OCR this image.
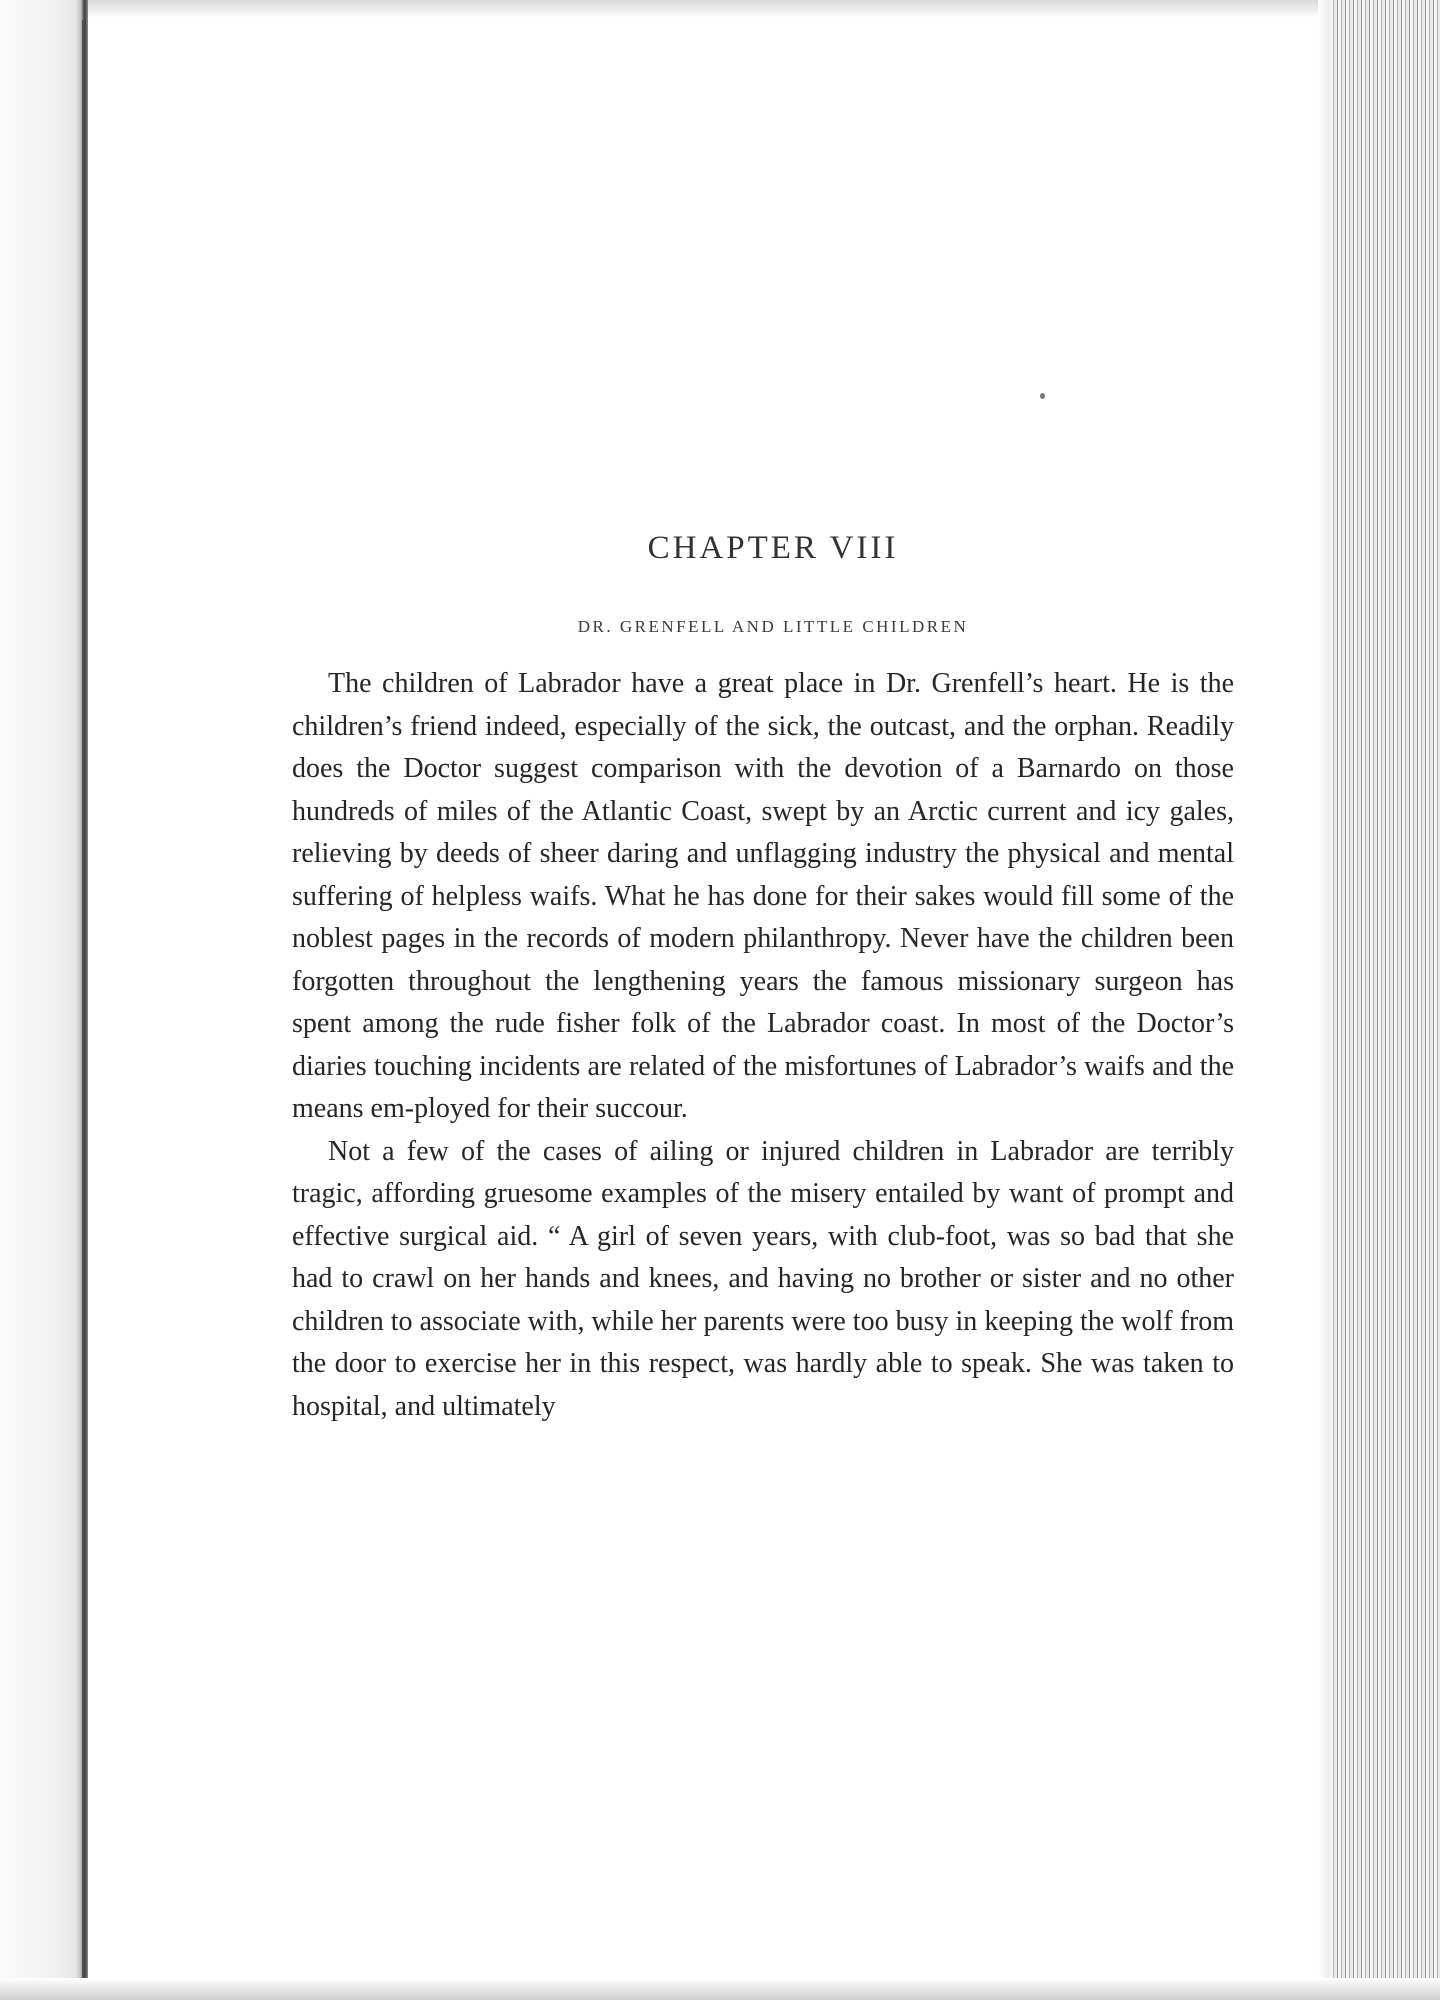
CHAPTER VIII
DR. GRENFELL AND LITTLE CHILDREN

The children of Labrador have a great place in Dr. Grenfell’s heart. He is the children’s friend indeed, especially of the sick, the outcast, and the orphan. Readily does the Doctor suggest comparison with the devotion of a Barnardo on those hundreds of miles of the Atlantic Coast, swept by an Arctic current and icy gales, relieving by deeds of sheer daring and unflagging industry the physical and mental suffering of helpless waifs. What he has done for their sakes would fill some of the noblest pages in the records of modern philanthropy. Never have the children been forgotten throughout the lengthening years the famous missionary surgeon has spent among the rude fisher folk of the Labrador coast. In most of the Doctor’s diaries touching incidents are related of the misfortunes of Labrador’s waifs and the means em-ployed for their succour.

Not a few of the cases of ailing or injured children in Labrador are terribly tragic, affording gruesome examples of the misery entailed by want of prompt and effective surgical aid. “ A girl of seven years, with club-foot, was so bad that she had to crawl on her hands and knees, and having no brother or sister and no other children to associate with, while her parents were too busy in keeping the wolf from the door to exercise her in this respect, was hardly able to speak. She was taken to hospital, and ultimately
